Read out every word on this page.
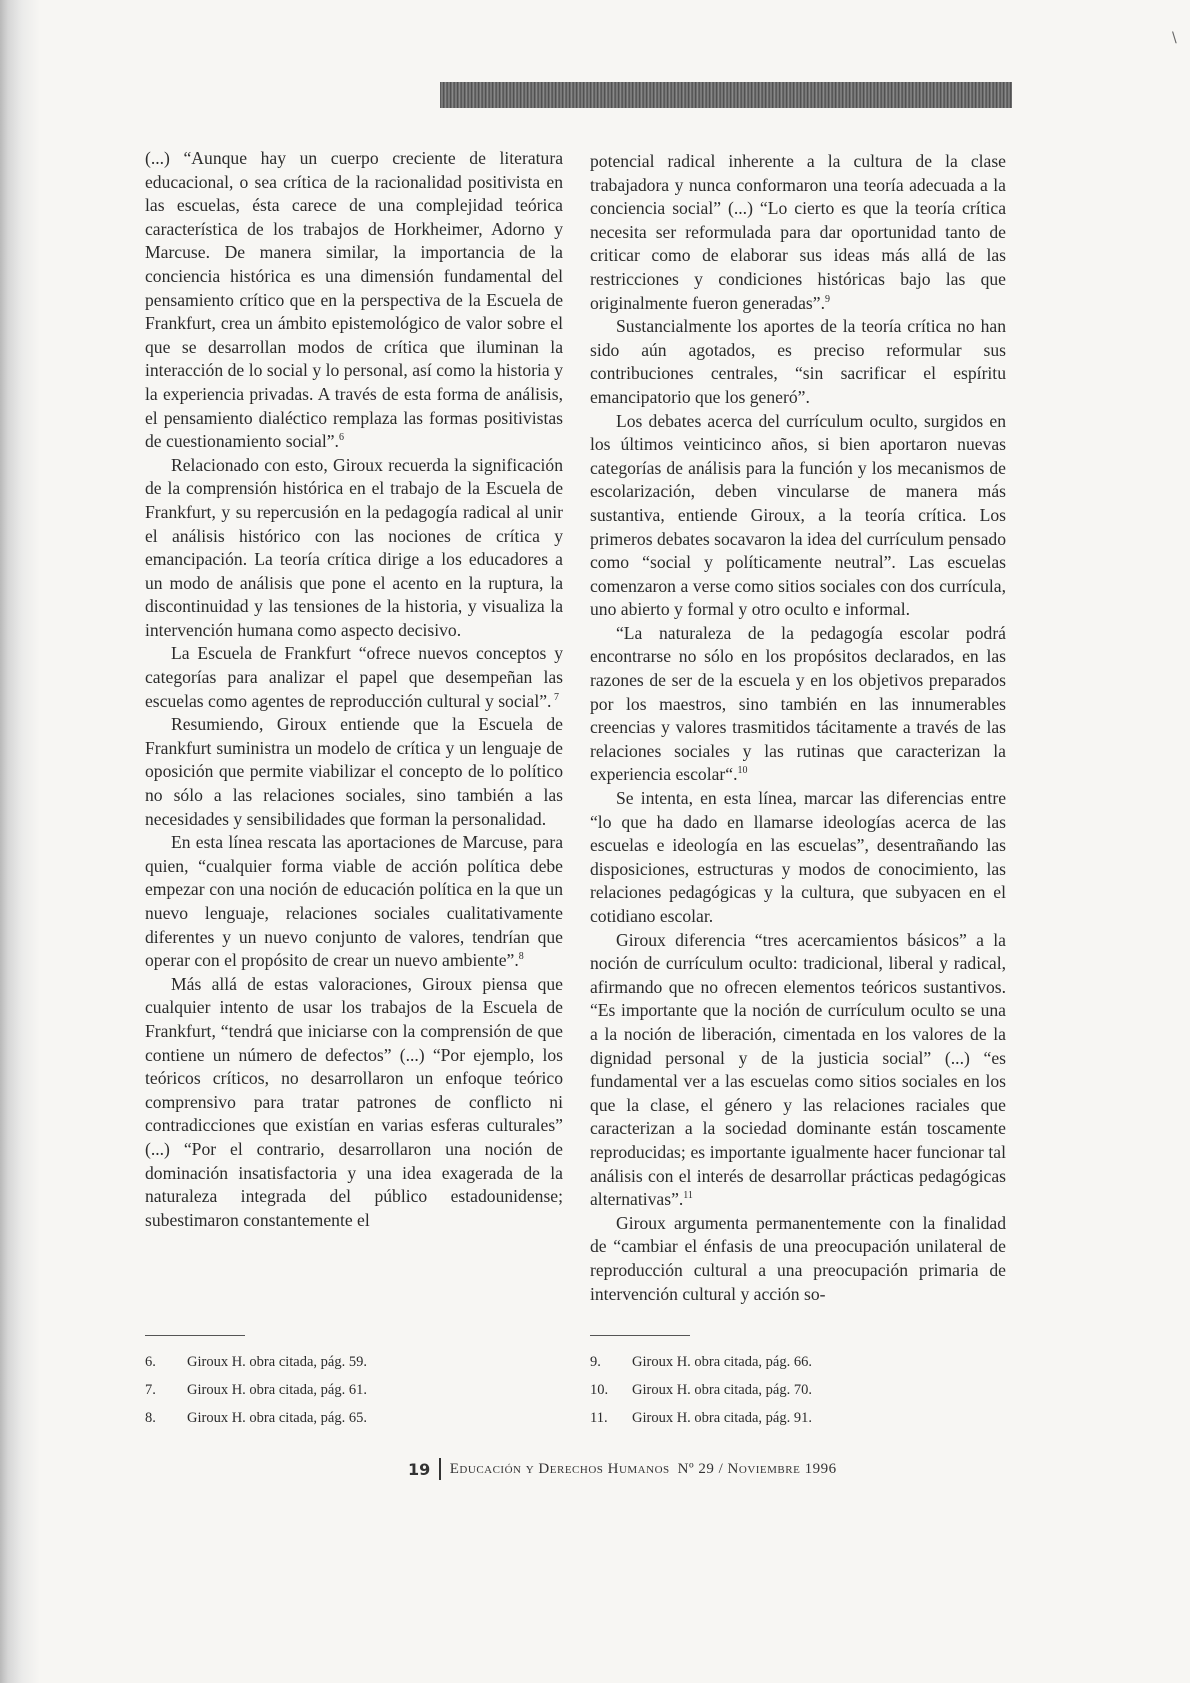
\

(...) “Aunque hay un cuerpo creciente de literatura educacional, o sea crítica de la racionalidad positivista en las escuelas, ésta carece de una complejidad teórica característica de los trabajos de Horkheimer, Adorno y Marcuse. De manera similar, la importancia de la conciencia histórica es una dimensión fundamental del pensamiento crítico que en la perspectiva de la Escuela de Frankfurt, crea un ámbito epistemológico de valor sobre el que se desarrollan modos de crítica que iluminan la interacción de lo social y lo personal, así como la historia y la experiencia privadas. A través de esta forma de análisis, el pensamiento dialéctico remplaza las formas positivistas de cuestionamiento social”.$^6$

Relacionado con esto, Giroux recuerda la significación de la comprensión histórica en el trabajo de la Escuela de Frankfurt, y su repercusión en la pedagogía radical al unir el análisis histórico con las nociones de crítica y emancipación. La teoría crítica dirige a los educadores a un modo de análisis que pone el acento en la ruptura, la discontinuidad y las tensiones de la historia, y visualiza la intervención humana como aspecto decisivo.

La Escuela de Frankfurt “ofrece nuevos conceptos y categorías para analizar el papel que desempeñan las escuelas como agentes de reproducción cultural y social”. $^7$

Resumiendo, Giroux entiende que la Escuela de Frankfurt suministra un modelo de crítica y un lenguaje de oposición que permite viabilizar el concepto de lo político no sólo a las relaciones sociales, sino también a las necesidades y sensibilidades que forman la personalidad.

En esta línea rescata las aportaciones de Marcuse, para quien, “cualquier forma viable de acción política debe empezar con una noción de educación política en la que un nuevo lenguaje, relaciones sociales cualitativamente diferentes y un nuevo conjunto de valores, tendrían que operar con el propósito de crear un nuevo ambiente”.$^8$

Más allá de estas valoraciones, Giroux piensa que cualquier intento de usar los trabajos de la Escuela de Frankfurt, “tendrá que iniciarse con la comprensión de que contiene un número de defectos” (...) “Por ejemplo, los teóricos críticos, no desarrollaron un enfoque teórico comprensivo para tratar patrones de conflicto ni contradicciones que existían en varias esferas culturales” (...) “Por el contrario, desarrollaron una noción de dominación insatisfactoria y una idea exagerada de la naturaleza integrada del público estadounidense; subestimaron constantemente el

potencial radical inherente a la cultura de la clase trabajadora y nunca conformaron una teoría adecuada a la conciencia social” (...) “Lo cierto es que la teoría crítica necesita ser reformulada para dar oportunidad tanto de criticar como de elaborar sus ideas más allá de las restricciones y condiciones históricas bajo las que originalmente fueron generadas”.$^9$

Sustancialmente los aportes de la teoría crítica no han sido aún agotados, es preciso reformular sus contribuciones centrales, “sin sacrificar el espíritu emancipatorio que los generó”.

Los debates acerca del currículum oculto, surgidos en los últimos veinticinco años, si bien aportaron nuevas categorías de análisis para la función y los mecanismos de escolarización, deben vincularse de manera más sustantiva, entiende Giroux, a la teoría crítica. Los primeros debates socavaron la idea del currículum pensado como “social y políticamente neutral”. Las escuelas comenzaron a verse como sitios sociales con dos currícula, uno abierto y formal y otro oculto e informal.

“La naturaleza de la pedagogía escolar podrá encontrarse no sólo en los propósitos declarados, en las razones de ser de la escuela y en los objetivos preparados por los maestros, sino también en las innumerables creencias y valores trasmitidos tácitamente a través de las relaciones sociales y las rutinas que caracterizan la experiencia escolar“.$^{10}$

Se intenta, en esta línea, marcar las diferencias entre “lo que ha dado en llamarse ideologías acerca de las escuelas e ideología en las escuelas”, desentrañando las disposiciones, estructuras y modos de conocimiento, las relaciones pedagógicas y la cultura, que subyacen en el cotidiano escolar.

Giroux diferencia “tres acercamientos básicos” a la noción de currículum oculto: tradicional, liberal y radical, afirmando que no ofrecen elementos teóricos sustantivos. “Es importante que la noción de currículum oculto se una a la noción de liberación, cimentada en los valores de la dignidad personal y de la justicia social” (...) “es fundamental ver a las escuelas como sitios sociales en los que la clase, el género y las relaciones raciales que caracterizan a la sociedad dominante están toscamente reproducidas; es importante igualmente hacer funcionar tal análisis con el interés de desarrollar prácticas pedagógicas alternativas”.$^{11}$

Giroux argumenta permanentemente con la finalidad de “cambiar el énfasis de una preocupación unilateral de reproducción cultural a una preocupación primaria de intervención cultural y acción so-

6.	Giroux H. obra citada, pág. 59.
7.	Giroux H. obra citada, pág. 61.
8.	Giroux H. obra citada, pág. 65.
9.	Giroux H. obra citada, pág. 66.
10.	Giroux H. obra citada, pág. 70.
11.	Giroux H. obra citada, pág. 91.
19 Educación y Derechos Humanos Nº 29 / Noviembre 1996
